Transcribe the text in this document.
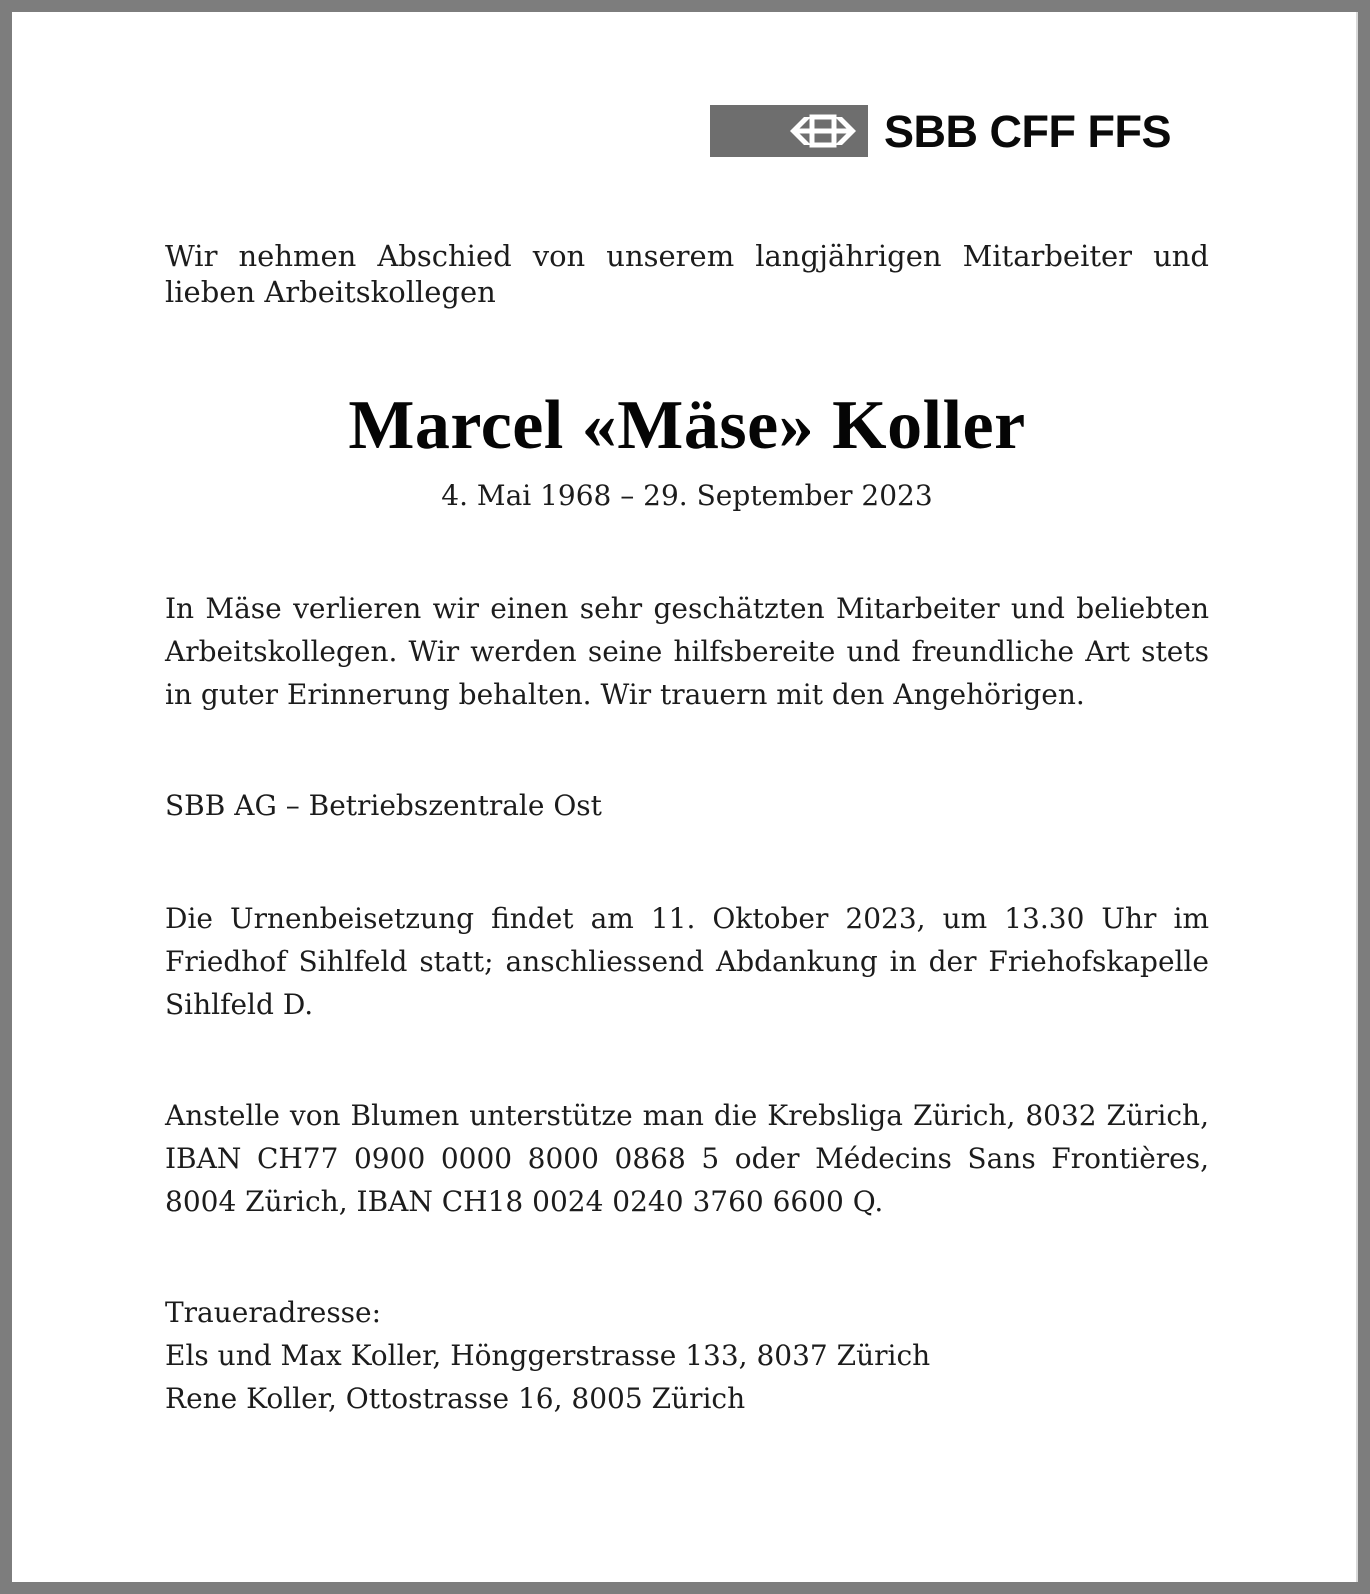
SBB CFF FFS

Wir nehmen Abschied von unserem langjährigen Mitarbeiter und lieben Arbeitskollegen

Marcel «Mäse» Koller

4. Mai 1968 – 29. September 2023

In Mäse verlieren wir einen sehr geschätzten Mitarbeiter und beliebten Arbeitskollegen. Wir werden seine hilfsbereite und freundliche Art stets in guter Erinnerung behalten. Wir trauern mit den Angehörigen.

SBB AG – Betriebszentrale Ost

Die Urnenbeisetzung findet am 11. Oktober 2023, um 13.30 Uhr im Friedhof Sihlfeld statt; anschliessend Abdankung in der Friehofskapelle Sihlfeld D.

Anstelle von Blumen unterstütze man die Krebsliga Zürich, 8032 Zürich, IBAN CH77 0900 0000 8000 0868 5 oder Médecins Sans Frontières, 8004 Zürich, IBAN CH18 0024 0240 3760 6600 Q.

Traueradresse:
Els und Max Koller, Hönggerstrasse 133, 8037 Zürich
Rene Koller, Ottostrasse 16, 8005 Zürich
